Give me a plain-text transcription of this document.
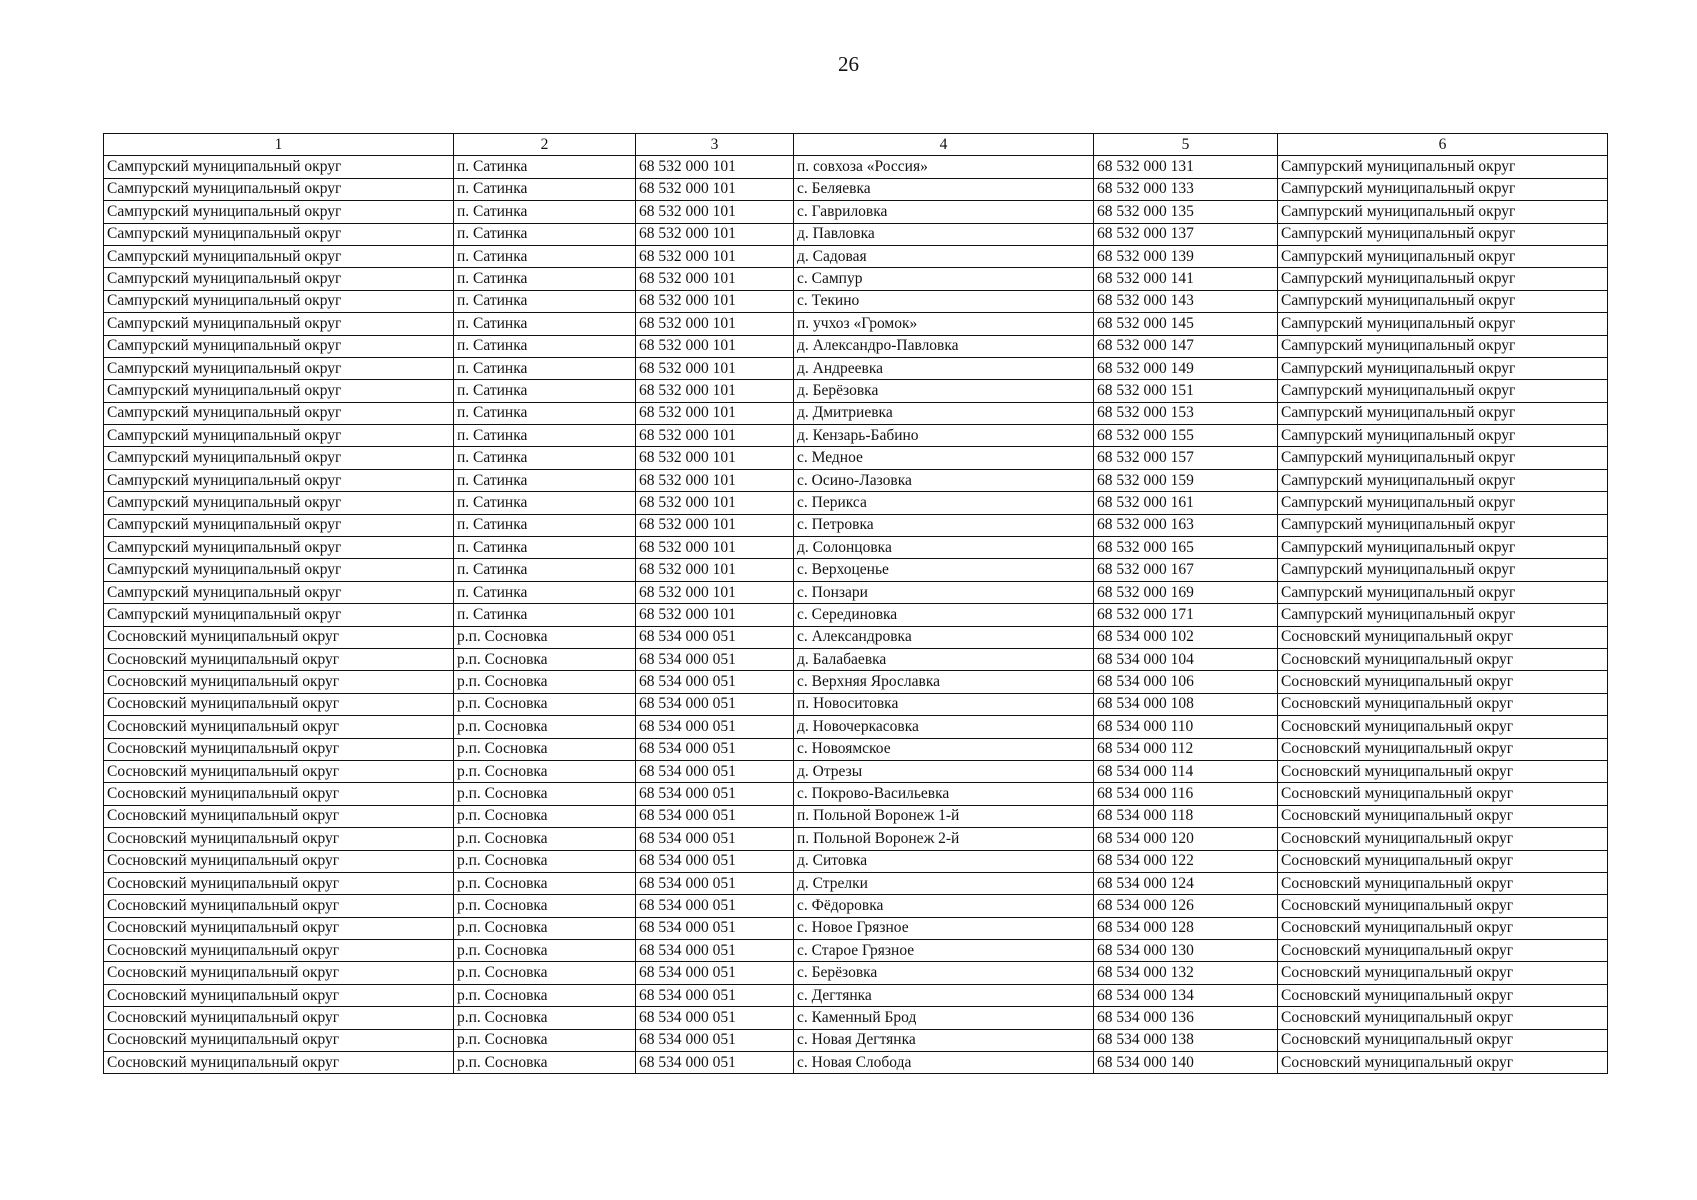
26
1	2	3	4	5	6
Сампурский муниципальный округ	п. Сатинка	68 532 000 101	п. совхоза «Россия»	68 532 000 131	Сампурский муниципальный округ
Сампурский муниципальный округ	п. Сатинка	68 532 000 101	с. Беляевка	68 532 000 133	Сампурский муниципальный округ
Сампурский муниципальный округ	п. Сатинка	68 532 000 101	с. Гавриловка	68 532 000 135	Сампурский муниципальный округ
Сампурский муниципальный округ	п. Сатинка	68 532 000 101	д. Павловка	68 532 000 137	Сампурский муниципальный округ
Сампурский муниципальный округ	п. Сатинка	68 532 000 101	д. Садовая	68 532 000 139	Сампурский муниципальный округ
Сампурский муниципальный округ	п. Сатинка	68 532 000 101	с. Сампур	68 532 000 141	Сампурский муниципальный округ
Сампурский муниципальный округ	п. Сатинка	68 532 000 101	с. Текино	68 532 000 143	Сампурский муниципальный округ
Сампурский муниципальный округ	п. Сатинка	68 532 000 101	п. учхоз «Громок»	68 532 000 145	Сампурский муниципальный округ
Сампурский муниципальный округ	п. Сатинка	68 532 000 101	д. Александро-Павловка	68 532 000 147	Сампурский муниципальный округ
Сампурский муниципальный округ	п. Сатинка	68 532 000 101	д. Андреевка	68 532 000 149	Сампурский муниципальный округ
Сампурский муниципальный округ	п. Сатинка	68 532 000 101	д. Берёзовка	68 532 000 151	Сампурский муниципальный округ
Сампурский муниципальный округ	п. Сатинка	68 532 000 101	д. Дмитриевка	68 532 000 153	Сампурский муниципальный округ
Сампурский муниципальный округ	п. Сатинка	68 532 000 101	д. Кензарь-Бабино	68 532 000 155	Сампурский муниципальный округ
Сампурский муниципальный округ	п. Сатинка	68 532 000 101	с. Медное	68 532 000 157	Сампурский муниципальный округ
Сампурский муниципальный округ	п. Сатинка	68 532 000 101	с. Осино-Лазовка	68 532 000 159	Сампурский муниципальный округ
Сампурский муниципальный округ	п. Сатинка	68 532 000 101	с. Перикса	68 532 000 161	Сампурский муниципальный округ
Сампурский муниципальный округ	п. Сатинка	68 532 000 101	с. Петровка	68 532 000 163	Сампурский муниципальный округ
Сампурский муниципальный округ	п. Сатинка	68 532 000 101	д. Солонцовка	68 532 000 165	Сампурский муниципальный округ
Сампурский муниципальный округ	п. Сатинка	68 532 000 101	с. Верхоценье	68 532 000 167	Сампурский муниципальный округ
Сампурский муниципальный округ	п. Сатинка	68 532 000 101	с. Понзари	68 532 000 169	Сампурский муниципальный округ
Сампурский муниципальный округ	п. Сатинка	68 532 000 101	с. Серединовка	68 532 000 171	Сампурский муниципальный округ
Сосновский муниципальный округ	р.п. Сосновка	68 534 000 051	с. Александровка	68 534 000 102	Сосновский муниципальный округ
Сосновский муниципальный округ	р.п. Сосновка	68 534 000 051	д. Балабаевка	68 534 000 104	Сосновский муниципальный округ
Сосновский муниципальный округ	р.п. Сосновка	68 534 000 051	с. Верхняя Ярославка	68 534 000 106	Сосновский муниципальный округ
Сосновский муниципальный округ	р.п. Сосновка	68 534 000 051	п. Новоситовка	68 534 000 108	Сосновский муниципальный округ
Сосновский муниципальный округ	р.п. Сосновка	68 534 000 051	д. Новочеркасовка	68 534 000 110	Сосновский муниципальный округ
Сосновский муниципальный округ	р.п. Сосновка	68 534 000 051	с. Новоямское	68 534 000 112	Сосновский муниципальный округ
Сосновский муниципальный округ	р.п. Сосновка	68 534 000 051	д. Отрезы	68 534 000 114	Сосновский муниципальный округ
Сосновский муниципальный округ	р.п. Сосновка	68 534 000 051	с. Покрово-Васильевка	68 534 000 116	Сосновский муниципальный округ
Сосновский муниципальный округ	р.п. Сосновка	68 534 000 051	п. Польной Воронеж 1-й	68 534 000 118	Сосновский муниципальный округ
Сосновский муниципальный округ	р.п. Сосновка	68 534 000 051	п. Польной Воронеж 2-й	68 534 000 120	Сосновский муниципальный округ
Сосновский муниципальный округ	р.п. Сосновка	68 534 000 051	д. Ситовка	68 534 000 122	Сосновский муниципальный округ
Сосновский муниципальный округ	р.п. Сосновка	68 534 000 051	д. Стрелки	68 534 000 124	Сосновский муниципальный округ
Сосновский муниципальный округ	р.п. Сосновка	68 534 000 051	с. Фёдоровка	68 534 000 126	Сосновский муниципальный округ
Сосновский муниципальный округ	р.п. Сосновка	68 534 000 051	с. Новое Грязное	68 534 000 128	Сосновский муниципальный округ
Сосновский муниципальный округ	р.п. Сосновка	68 534 000 051	с. Старое Грязное	68 534 000 130	Сосновский муниципальный округ
Сосновский муниципальный округ	р.п. Сосновка	68 534 000 051	с. Берёзовка	68 534 000 132	Сосновский муниципальный округ
Сосновский муниципальный округ	р.п. Сосновка	68 534 000 051	с. Дегтянка	68 534 000 134	Сосновский муниципальный округ
Сосновский муниципальный округ	р.п. Сосновка	68 534 000 051	с. Каменный Брод	68 534 000 136	Сосновский муниципальный округ
Сосновский муниципальный округ	р.п. Сосновка	68 534 000 051	с. Новая Дегтянка	68 534 000 138	Сосновский муниципальный округ
Сосновский муниципальный округ	р.п. Сосновка	68 534 000 051	с. Новая Слобода	68 534 000 140	Сосновский муниципальный округ
